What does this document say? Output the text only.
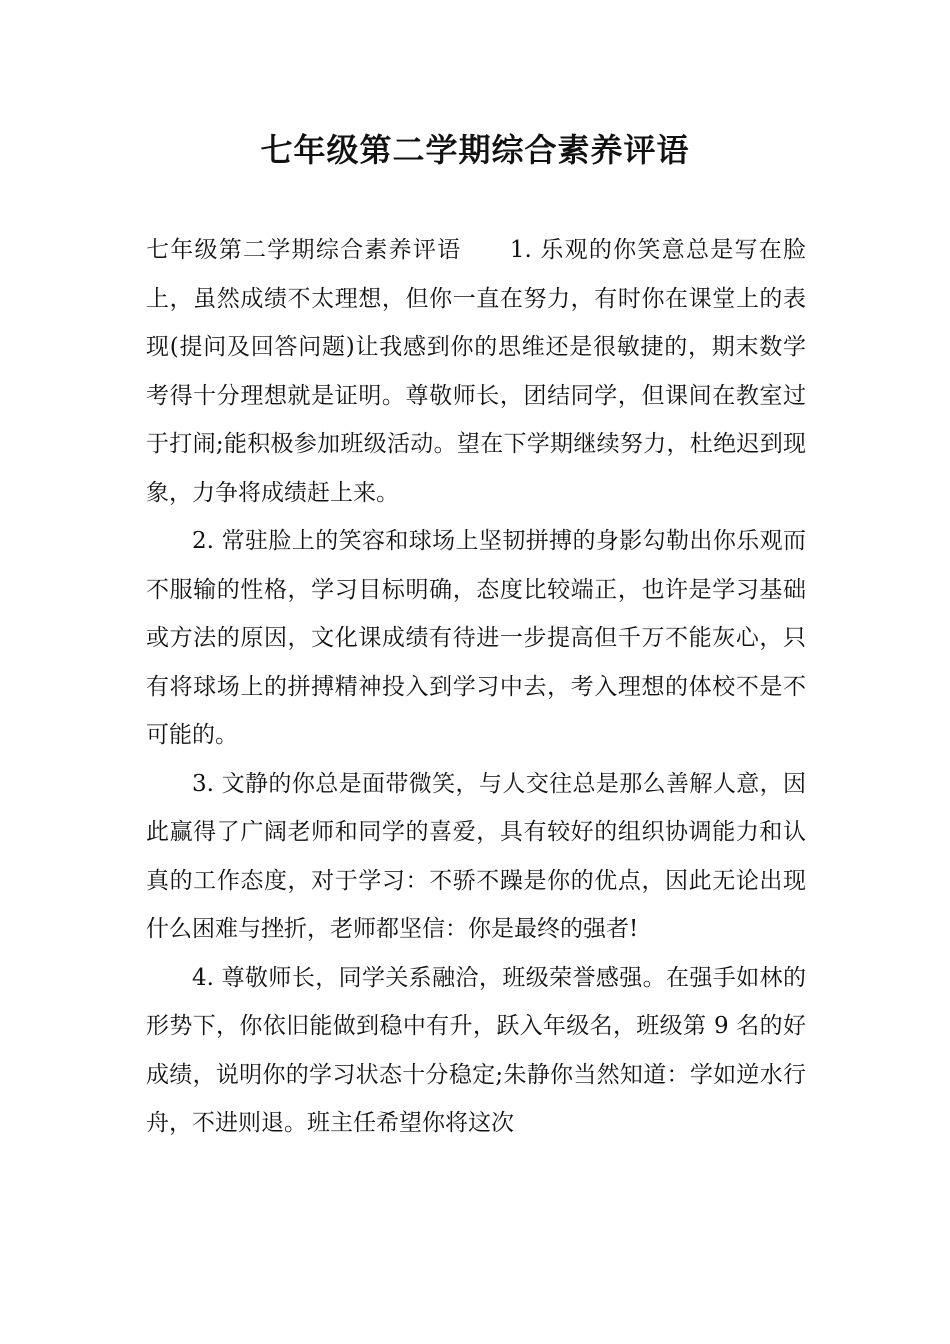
七年级第二学期综合素养评语

七年级第二学期综合素养评语　　1. 乐观的你笑意总是写在脸上，虽然成绩不太理想，但你一直在努力，有时你在课堂上的表现(提问及回答问题)让我感到你的思维还是很敏捷的，期末数学考得十分理想就是证明。尊敬师长，团结同学，但课间在教室过于打闹;能积极参加班级活动。望在下学期继续努力，杜绝迟到现象，力争将成绩赶上来。

2. 常驻脸上的笑容和球场上坚韧拼搏的身影勾勒出你乐观而不服输的性格，学习目标明确，态度比较端正，也许是学习基础或方法的原因，文化课成绩有待进一步提高但千万不能灰心，只有将球场上的拼搏精神投入到学习中去，考入理想的体校不是不可能的。

3. 文静的你总是面带微笑，与人交往总是那么善解人意，因此赢得了广阔老师和同学的喜爱，具有较好的组织协调能力和认真的工作态度，对于学习：不骄不躁是你的优点，因此无论出现什么困难与挫折，老师都坚信：你是最终的强者!

4. 尊敬师长，同学关系融洽，班级荣誉感强。在强手如林的形势下，你依旧能做到稳中有升，跃入年级名，班级第 9 名的好成绩，说明你的学习状态十分稳定;朱静你当然知道：学如逆水行舟，不进则退。班主任希望你将这次
